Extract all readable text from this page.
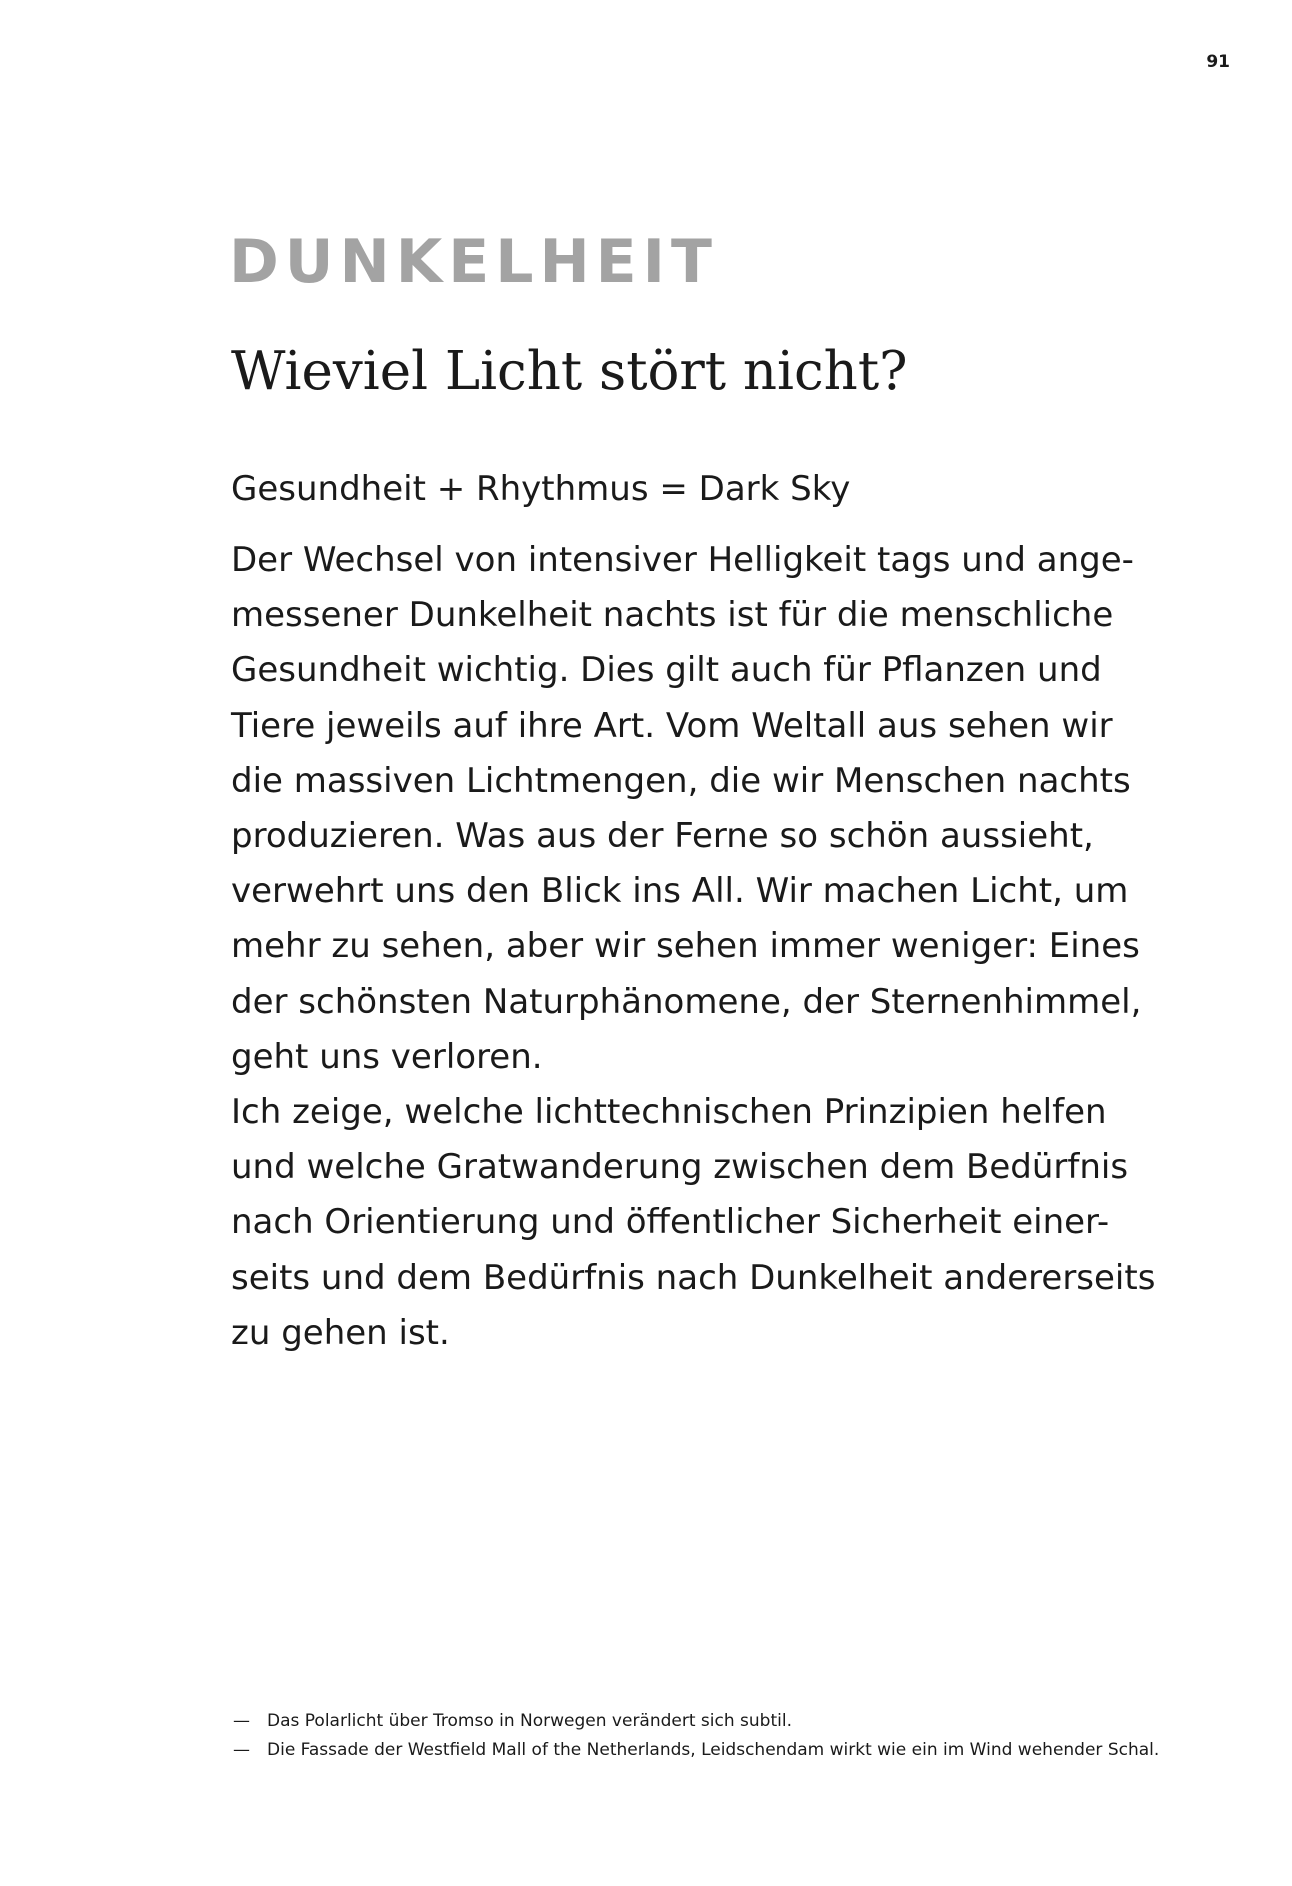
91
DUNKELHEIT
Wieviel Licht stört nicht?
Gesundheit + Rhythmus = Dark Sky
Der Wechsel von intensiver Helligkeit tags und ange-
messener Dunkelheit nachts ist für die menschliche
Gesundheit wichtig. Dies gilt auch für Pflanzen und
Tiere jeweils auf ihre Art. Vom Weltall aus sehen wir
die massiven Lichtmengen, die wir Menschen nachts
produzieren. Was aus der Ferne so schön aussieht,
verwehrt uns den Blick ins All. Wir machen Licht, um
mehr zu sehen, aber wir sehen immer weniger: Eines
der schönsten Naturphänomene, der Sternenhimmel,
geht uns verloren.
Ich zeige, welche lichttechnischen Prinzipien helfen
und welche Gratwanderung zwischen dem Bedürfnis
nach Orientierung und öffentlicher Sicherheit einer-
seits und dem Bedürfnis nach Dunkelheit andererseits
zu gehen ist.
—	Das Polarlicht über Tromso in Norwegen verändert sich subtil.
—	Die Fassade der Westfield Mall of the Netherlands, Leidschendam wirkt wie ein im Wind wehender Schal.
